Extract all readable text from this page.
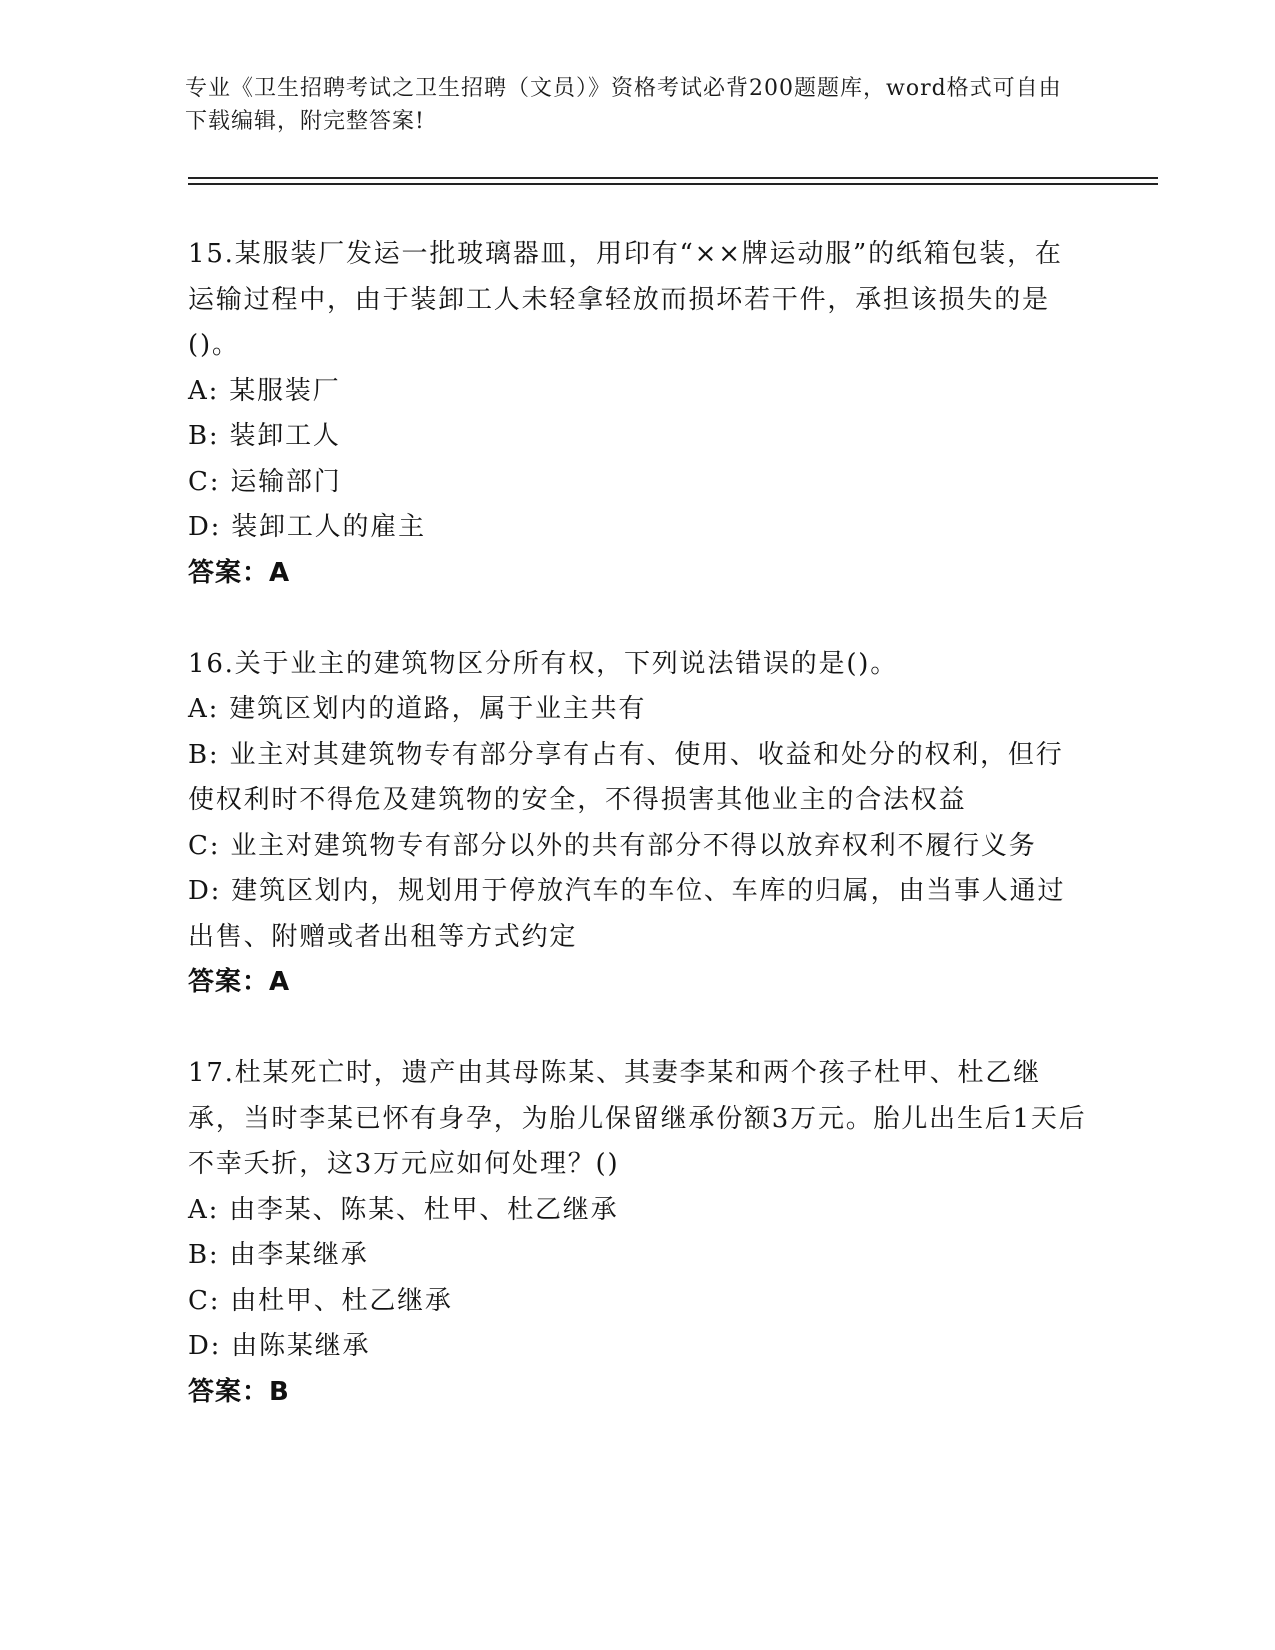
专业《卫生招聘考试之卫生招聘（文员）》资格考试必背200题题库，word格式可自由下载编辑，附完整答案!
15.某服装厂发运一批玻璃器皿，用印有“××牌运动服”的纸箱包装，在运输过程中，由于装卸工人未轻拿轻放而损坏若干件，承担该损失的是()。
A: 某服装厂
B: 装卸工人
C: 运输部门
D: 装卸工人的雇主
答案：A
16.关于业主的建筑物区分所有权，下列说法错误的是()。
A: 建筑区划内的道路，属于业主共有
B: 业主对其建筑物专有部分享有占有、使用、收益和处分的权利，但行使权利时不得危及建筑物的安全，不得损害其他业主的合法权益
C: 业主对建筑物专有部分以外的共有部分不得以放弃权利不履行义务
D: 建筑区划内，规划用于停放汽车的车位、车库的归属，由当事人通过出售、附赠或者出租等方式约定
答案：A
17.杜某死亡时，遗产由其母陈某、其妻李某和两个孩子杜甲、杜乙继承，当时李某已怀有身孕，为胎儿保留继承份额3万元。胎儿出生后1天后不幸夭折，这3万元应如何处理？()
A: 由李某、陈某、杜甲、杜乙继承
B: 由李某继承
C: 由杜甲、杜乙继承
D: 由陈某继承
答案：B
